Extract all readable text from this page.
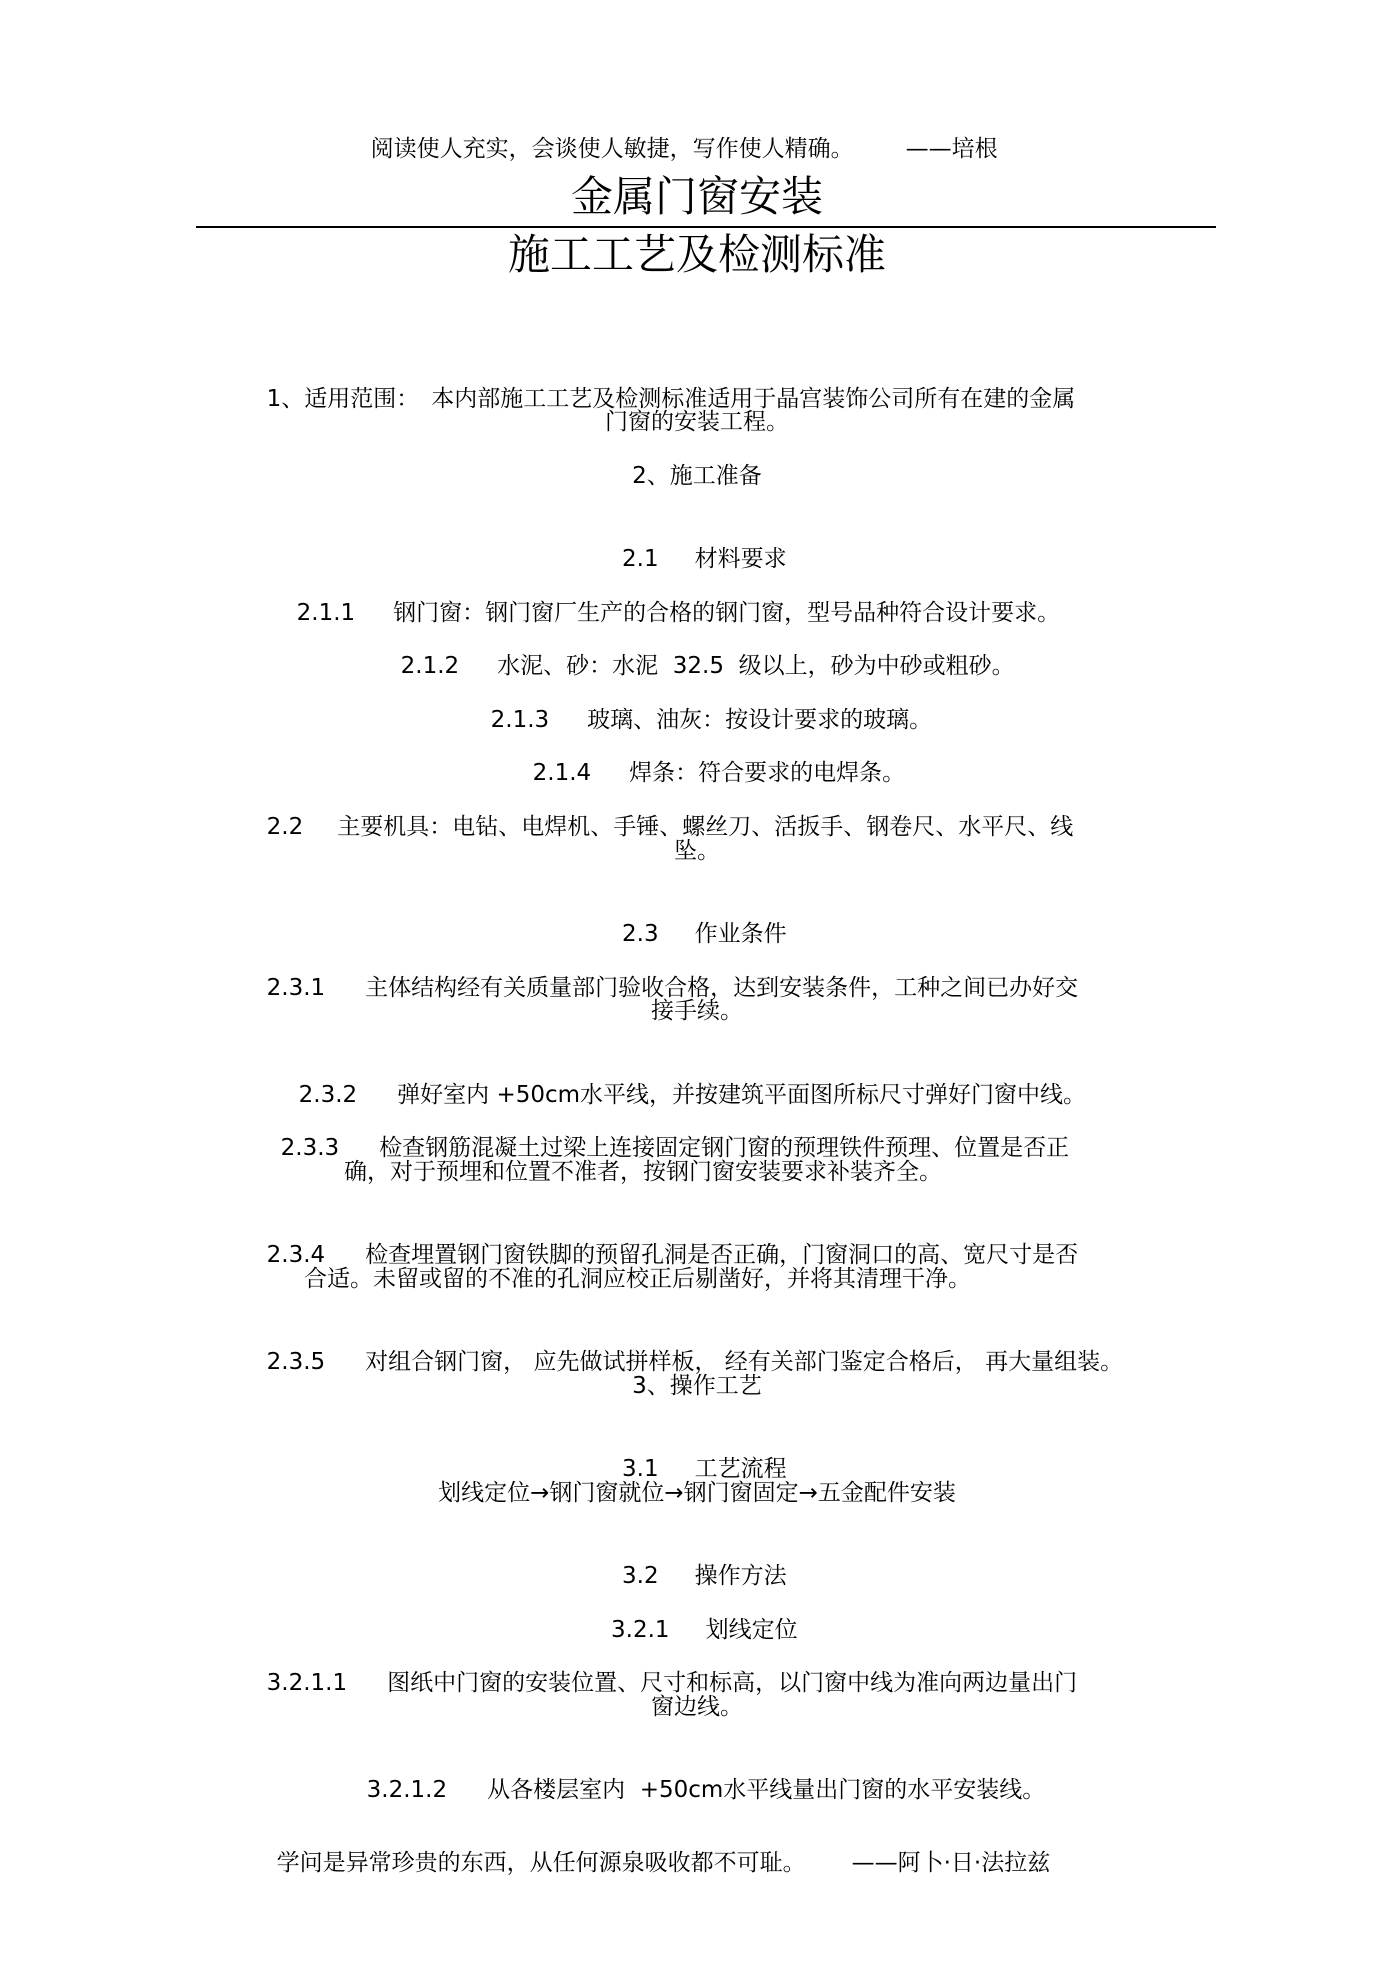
阅读使人充实，会谈使人敏捷，写作使人精确。 ——培根

金属门窗安装
施工工艺及检测标准

1、适用范围： 本内部施工工艺及检测标准适用于晶宫装饰公司所有在建的金属

门窗的安装工程。
2、施工准备

2.1 材料要求

2.1.1 钢门窗：钢门窗厂生产的合格的钢门窗，型号品种符合设计要求。

2.1.2 水泥、砂：水泥  32.5  级以上，砂为中砂或粗砂。

2.1.3 玻璃、油灰：按设计要求的玻璃。

2.1.4 焊条：符合要求的电焊条。

2.2 主要机具：电钻、电焊机、手锤、螺丝刀、活扳手、钢卷尺、水平尺、线

坠。

2.3 作业条件

2.3.1 主体结构经有关质量部门验收合格，达到安装条件，工种之间已办好交

接手续。

2.3.2 弹好室内 +50cm水平线，并按建筑平面图所标尺寸弹好门窗中线。

2.3.3 检查钢筋混凝土过梁上连接固定钢门窗的预理铁件预理、位置是否正

确，对于预埋和位置不准者，按钢门窗安装要求补装齐全。

2.3.4 检查埋置钢门窗铁脚的预留孔洞是否正确，门窗洞口的高、宽尺寸是否

合适。未留或留的不准的孔洞应校正后剔凿好，并将其清理干净。

2.3.5 对组合钢门窗， 应先做试拼样板， 经有关部门鉴定合格后， 再大量组装。

3、操作工艺

3.1 工艺流程

划线定位→钢门窗就位→钢门窗固定→五金配件安装

3.2 操作方法

3.2.1 划线定位

3.2.1.1 图纸中门窗的安装位置、尺寸和标高，以门窗中线为准向两边量出门

窗边线。

3.2.1.2 从各楼层室内  +50cm水平线量出门窗的水平安装线。

学问是异常珍贵的东西，从任何源泉吸收都不可耻。 ——阿卜·日·法拉兹
